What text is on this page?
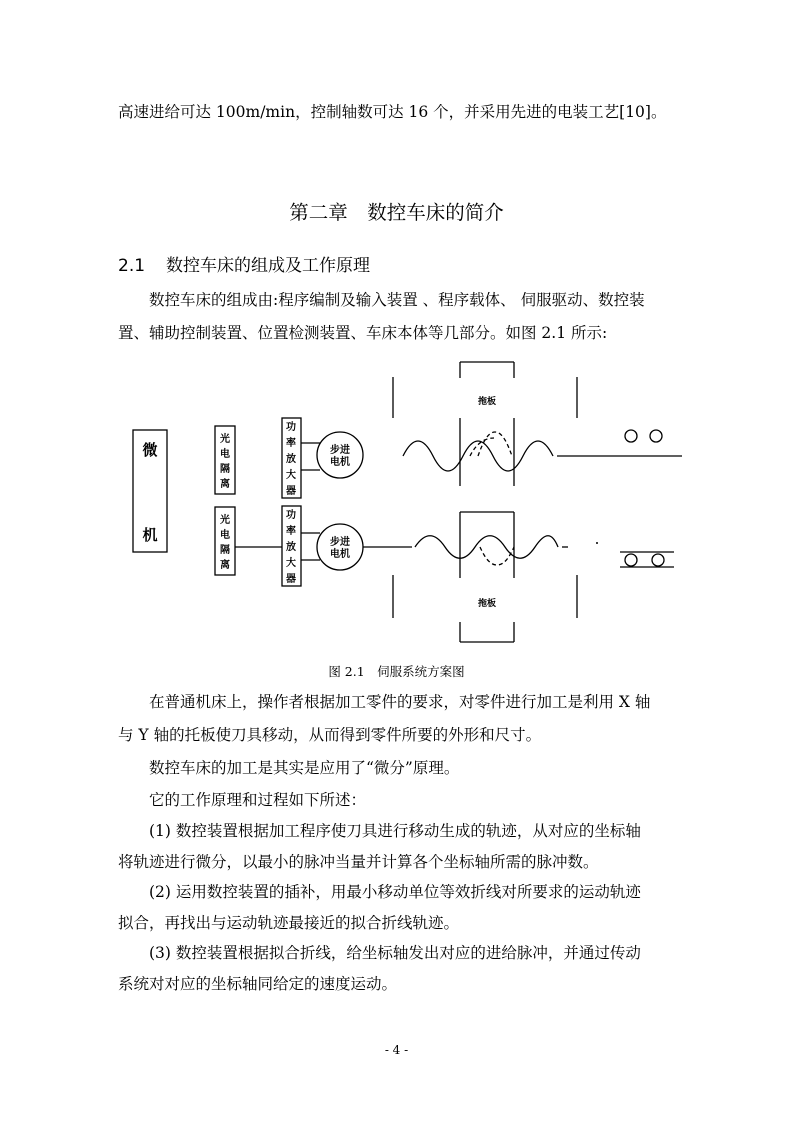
高速进给可达 100m/min，控制轴数可达 16 个，并采用先进的电装工艺[10]。
第二章　数控车床的简介
2.1 数控车床的组成及工作原理
数控车床的组成由:程序编制及输入装置 、程序载体、 伺服驱动、数控装
置、辅助控制装置、位置检测装置、车床本体等几部分。如图 2.1 所示:
微
机
光电隔离
光电隔离
功率放大器
功率放大器
步进电机
步进电机
拖板
拖板
图 2.1　伺服系统方案图
在普通机床上，操作者根据加工零件的要求，对零件进行加工是利用 X 轴
与 Y 轴的托板使刀具移动，从而得到零件所要的外形和尺寸。
数控车床的加工是其实是应用了“微分”原理。
它的工作原理和过程如下所述：
(1) 数控装置根据加工程序使刀具进行移动生成的轨迹，从对应的坐标轴
将轨迹进行微分，以最小的脉冲当量并计算各个坐标轴所需的脉冲数。
(2) 运用数控装置的插补，用最小移动单位等效折线对所要求的运动轨迹
拟合，再找出与运动轨迹最接近的拟合折线轨迹。
(3) 数控装置根据拟合折线，给坐标轴发出对应的进给脉冲，并通过传动
系统对对应的坐标轴同给定的速度运动。
- 4 -
